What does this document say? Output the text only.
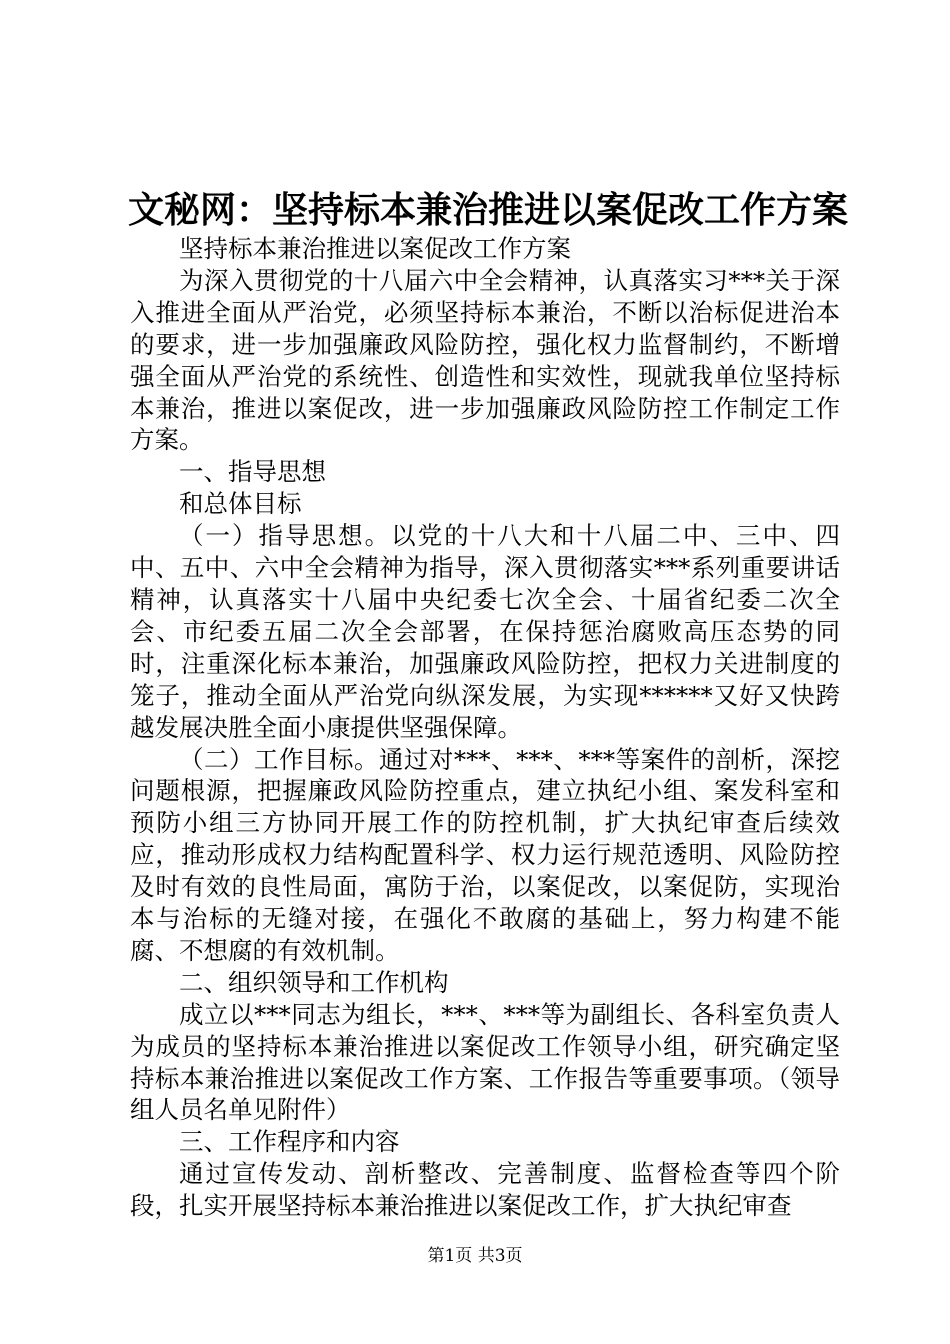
文秘网：坚持标本兼治推进以案促改工作方案

坚持标本兼治推进以案促改工作方案

为深入贯彻党的十八届六中全会精神，认真落实习***关于深入推进全面从严治党，必须坚持标本兼治，不断以治标促进治本的要求，进一步加强廉政风险防控，强化权力监督制约，不断增强全面从严治党的系统性、创造性和实效性，现就我单位坚持标本兼治，推进以案促改，进一步加强廉政风险防控工作制定工作方案。

一、指导思想

和总体目标

（一）指导思想。以党的十八大和十八届二中、三中、四中、五中、六中全会精神为指导，深入贯彻落实***系列重要讲话精神，认真落实十八届中央纪委七次全会、十届省纪委二次全会、市纪委五届二次全会部署，在保持惩治腐败高压态势的同时，注重深化标本兼治，加强廉政风险防控，把权力关进制度的笼子，推动全面从严治党向纵深发展，为实现******又好又快跨越发展决胜全面小康提供坚强保障。

（二）工作目标。通过对***、***、***等案件的剖析，深挖问题根源，把握廉政风险防控重点，建立执纪小组、案发科室和预防小组三方协同开展工作的防控机制，扩大执纪审查后续效应，推动形成权力结构配置科学、权力运行规范透明、风险防控及时有效的良性局面，寓防于治，以案促改，以案促防，实现治本与治标的无缝对接，在强化不敢腐的基础上，努力构建不能腐、不想腐的有效机制。

二、组织领导和工作机构

成立以***同志为组长，***、***等为副组长、各科室负责人为成员的坚持标本兼治推进以案促改工作领导小组，研究确定坚持标本兼治推进以案促改工作方案、工作报告等重要事项。（领导组人员名单见附件）

三、工作程序和内容

通过宣传发动、剖析整改、完善制度、监督检查等四个阶段，扎实开展坚持标本兼治推进以案促改工作，扩大执纪审查

第1页 共3页
